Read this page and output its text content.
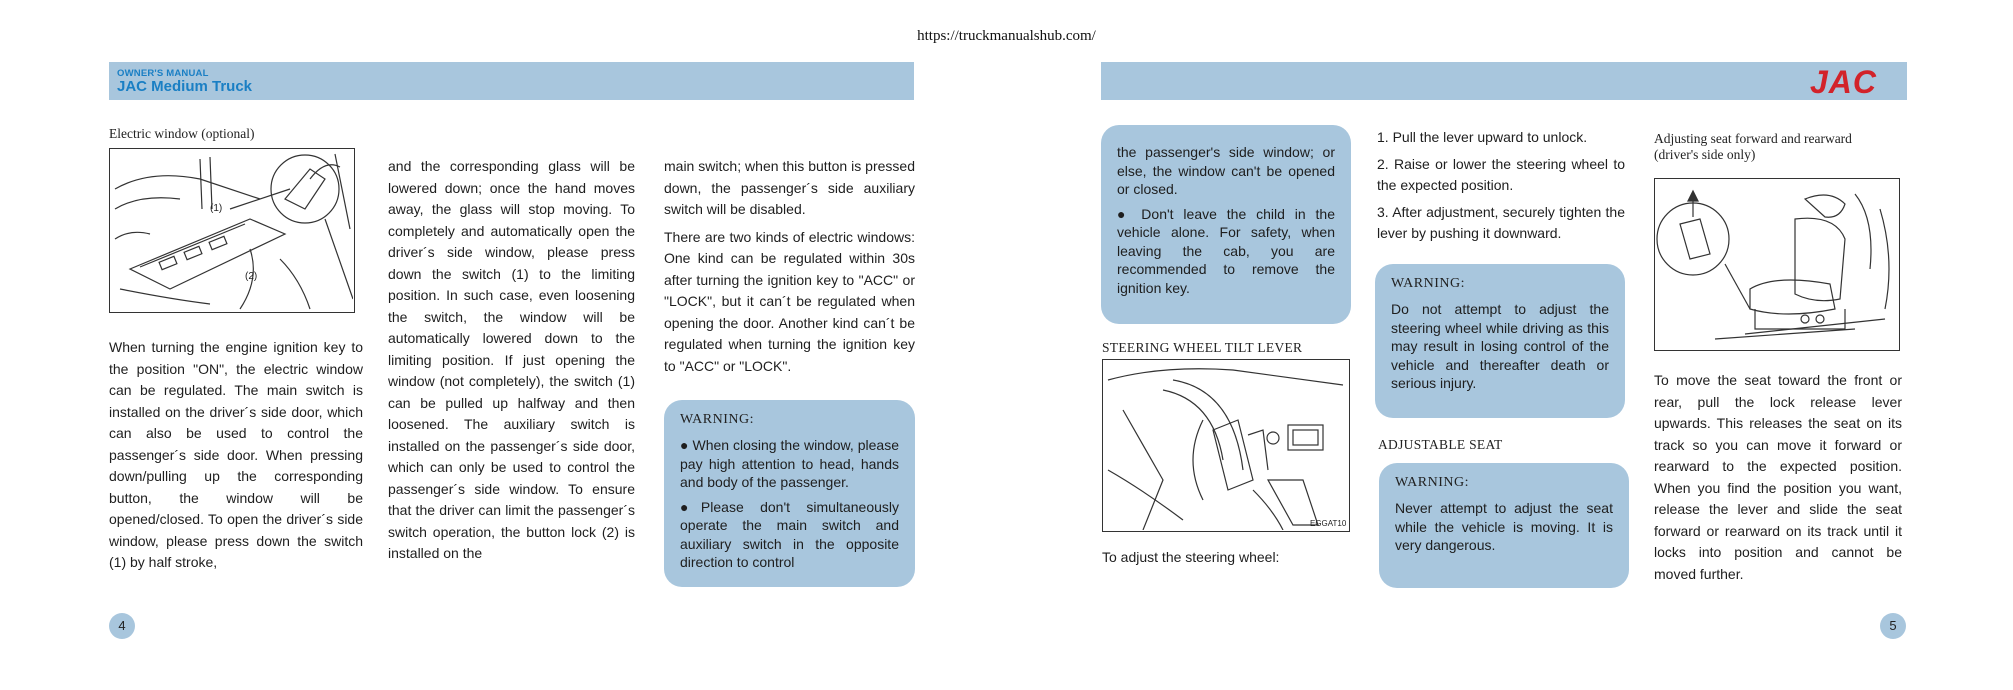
https://truckmanualshub.com/
OWNER'S MANUAL
JAC Medium Truck	JAC
Electric window (optional)
(1)
(2)
When turning the engine ignition key to the position "ON", the electric window can be regulated. The main switch is installed on the driver´s side door, which can also be used to control the passenger´s side door. When pressing down/pulling up the corresponding button, the window will be opened/closed. To open the driver´s side window, please press down the switch (1) by half stroke,
and the corresponding glass will be lowered down; once the hand moves away, the glass will stop moving. To completely and automatically open the driver´s side window, please press down the switch (1) to the limiting position. In such case, even loosening the switch, the window will be automatically lowered down to the limiting position. If just opening the window (not completely), the switch (1) can be pulled up halfway and then loosened. The auxiliary switch is installed on the passenger´s side door, which can only be used to control the passenger´s side window. To ensure that the driver can limit the passenger´s switch operation, the button lock (2) is installed on the

main switch; when this button is pressed down, the passenger´s side auxiliary switch will be disabled.

There are two kinds of electric windows: One kind can be regulated within 30s after turning the ignition key to "ACC" or "LOCK", but it can´t be regulated when opening the door. Another kind can´t be regulated when turning the ignition key to "ACC" or "LOCK".

WARNING:

● When closing the window, please pay high attention to head, hands and body of the passenger.

●Please don't simultaneously operate the main switch and auxiliary switch in the opposite direction to control

4

the passenger's side window; or else, the window can't be opened or closed.

● Don't leave the child in the vehicle alone. For safety, when leaving the cab, you are recommended to remove the ignition key.

STEERING WHEEL TILT LEVER
EGGAT10
To adjust the steering wheel:

1. Pull the lever upward to unlock.

2. Raise or lower the steering wheel to the expected position.

3. After adjustment, securely tighten the lever by pushing it downward.

WARNING:

Do not attempt to adjust the steering wheel while driving as this may result in losing control of the vehicle and thereafter death or serious injury.

ADJUSTABLE SEAT
WARNING:

Never attempt to adjust the seat while the vehicle is moving. It is very dangerous.

Adjusting seat forward and rearward (driver's side only)
To move the seat toward the front or rear, pull the lock release lever upwards. This releases the seat on its track so you can move it forward or rearward to the expected position. When you find the position you want, release the lever and slide the seat forward or rearward on its track until it locks into position and cannot be moved further.
5
